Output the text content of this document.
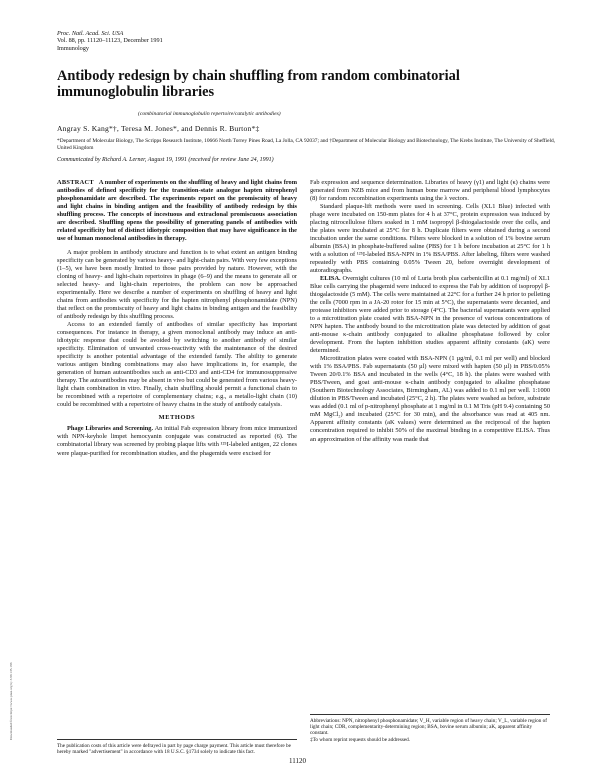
Proc. Natl. Acad. Sci. USA
Vol. 88, pp. 11120–11123, December 1991
Immunology
Antibody redesign by chain shuffling from random combinatorial immunoglobulin libraries
(combinatorial immunoglobulin repertoire/catalytic antibodies)
Angray S. Kang*†, Teresa M. Jones*, and Dennis R. Burton*‡
*Department of Molecular Biology, The Scripps Research Institute, 10666 North Torrey Pines Road, La Jolla, CA 92037; and †Department of Molecular Biology and Biotechnology, The Krebs Institute, The University of Sheffield, United Kingdom
Communicated by Richard A. Lerner, August 19, 1991 (received for review June 24, 1991)

ABSTRACT A number of experiments on the shuffling of heavy and light chains from antibodies of defined specificity for the transition-state analogue hapten nitrophenyl phosphonamidate are described. The experiments report on the promiscuity of heavy and light chains in binding antigen and the feasibility of antibody redesign by this shuffling process. The concepts of incestuous and extraclonal promiscuous association are described. Shuffling opens the possibility of generating panels of antibodies with related specificity but of distinct idiotypic composition that may have significance in the use of human monoclonal antibodies in therapy.

A major problem in antibody structure and function is to what extent an antigen binding specificity can be generated by various heavy- and light-chain pairs. With very few exceptions (1–5), we have been mostly limited to those pairs provided by nature. However, with the cloning of heavy- and light-chain repertoires in phage (6–9) and the means to generate all or selected heavy- and light-chain repertoires, the problem can now be approached experimentally. Here we describe a number of experiments on shuffling of heavy and light chains from antibodies with specificity for the hapten nitrophenyl phosphonamidate (NPN) that reflect on the promiscuity of heavy and light chains in binding antigen and the feasibility of antibody redesign by this shuffling process.

Access to an extended family of antibodies of similar specificity has important consequences. For instance in therapy, a given monoclonal antibody may induce an anti-idiotypic response that could be avoided by switching to another antibody of similar specificity. Elimination of unwanted cross-reactivity with the maintenance of the desired specificity is another potential advantage of the extended family. The ability to generate various antigen binding combinations may also have implications in, for example, the generation of human autoantibodies such as anti-CD3 and anti-CD4 for immunosuppressive therapy. The autoantibodies may be absent in vivo but could be generated from various heavy-light chain combination in vitro. Finally, chain shuffling should permit a functional chain to be recombined with a repertoire of complementary chains; e.g., a metallo-light chain (10) could be recombined with a repertoire of heavy chains in the study of antibody catalysis.

METHODS

Phage Libraries and Screening. An initial Fab expression library from mice immunized with NPN-keyhole limpet hemocyanin conjugate was constructed as reported (6). The combinatorial library was screened by probing plaque lifts with ¹²⁵I-labeled antigen, 22 clones were plaque-purified for recombination studies, and the phagemids were excised for

Fab expression and sequence determination. Libraries of heavy (γ1) and light (κ) chains were generated from NZB mice and from human bone marrow and peripheral blood lymphocytes (8) for random recombination experiments using the λ vectors.

Standard plaque-lift methods were used in screening. Cells (XL1 Blue) infected with phage were incubated on 150-mm plates for 4 h at 37°C, protein expression was induced by placing nitrocellulose filters soaked in 1 mM isopropyl β-thiogalactoside over the cells, and the plates were incubated at 25°C for 8 h. Duplicate filters were obtained during a second incubation under the same conditions. Filters were blocked in a solution of 1% bovine serum albumin (BSA) in phosphate-buffered saline (PBS) for 1 h before incubation at 25°C for 1 h with a solution of ¹²⁵I-labeled BSA-NPN in 1% BSA/PBS. After labeling, filters were washed repeatedly with PBS containing 0.05% Tween 20, before overnight development of autoradiographs.

ELISA. Overnight cultures (10 ml of Luria broth plus carbenicillin at 0.1 mg/ml) of XL1 Blue cells carrying the phagemid were induced to express the Fab by addition of isopropyl β-thiogalactoside (5 mM). The cells were maintained at 22°C for a further 24 h prior to pelleting the cells (7000 rpm in a JA-20 rotor for 15 min at 5°C), the supernatants were decanted, and protease inhibitors were added prior to storage (4°C). The bacterial supernatants were applied to a microtitration plate coated with BSA-NPN in the presence of various concentrations of NPN hapten. The antibody bound to the microtitration plate was detected by addition of goat anti-mouse κ-chain antibody conjugated to alkaline phosphatase followed by color development. From the hapten inhibition studies apparent affinity constants (aK) were determined.

Microtitration plates were coated with BSA-NPN (1 µg/ml, 0.1 ml per well) and blocked with 1% BSA/PBS. Fab supernatants (50 µl) were mixed with hapten (50 µl) in PBS/0.05% Tween 20/0.1% BSA and incubated in the wells (4°C, 18 h). the plates were washed with PBS/Tween, and goat anti-mouse κ-chain antibody conjugated to alkaline phosphatase (Southern Biotechnology Associates, Birmingham, AL) was added to 0.1 ml per well. 1:1000 dilution in PBS/Tween and incubated (25°C, 2 h). The plates were washed as before, substrate was added (0.1 ml of p-nitrophenyl phosphate at 1 mg/ml in 0.1 M Tris (pH 9.4) containing 50 mM MgCl₂) and incubated (25°C for 30 min), and the absorbance was read at 405 nm. Apparent affinity constants (aK values) were determined as the reciprocal of the hapten concentration required to inhibit 50% of the maximal binding in a competitive ELISA. Thus an approximation of the affinity was made that

The publication costs of this article were defrayed in part by page charge payment. This article must therefore be hereby marked "advertisement" in accordance with 18 U.S.C. §1734 solely to indicate this fact.

Abbreviations: NPN, nitrophenyl phosphonamidate; V_H, variable region of heavy chain; V_L, variable region of light chain; CDR, complementarity-determining region; BSA, bovine serum albumin; aK, apparent affinity constant.

‡To whom reprint requests should be addressed.

11120
Downloaded from https://www.pnas.org by 3.89.135.186
